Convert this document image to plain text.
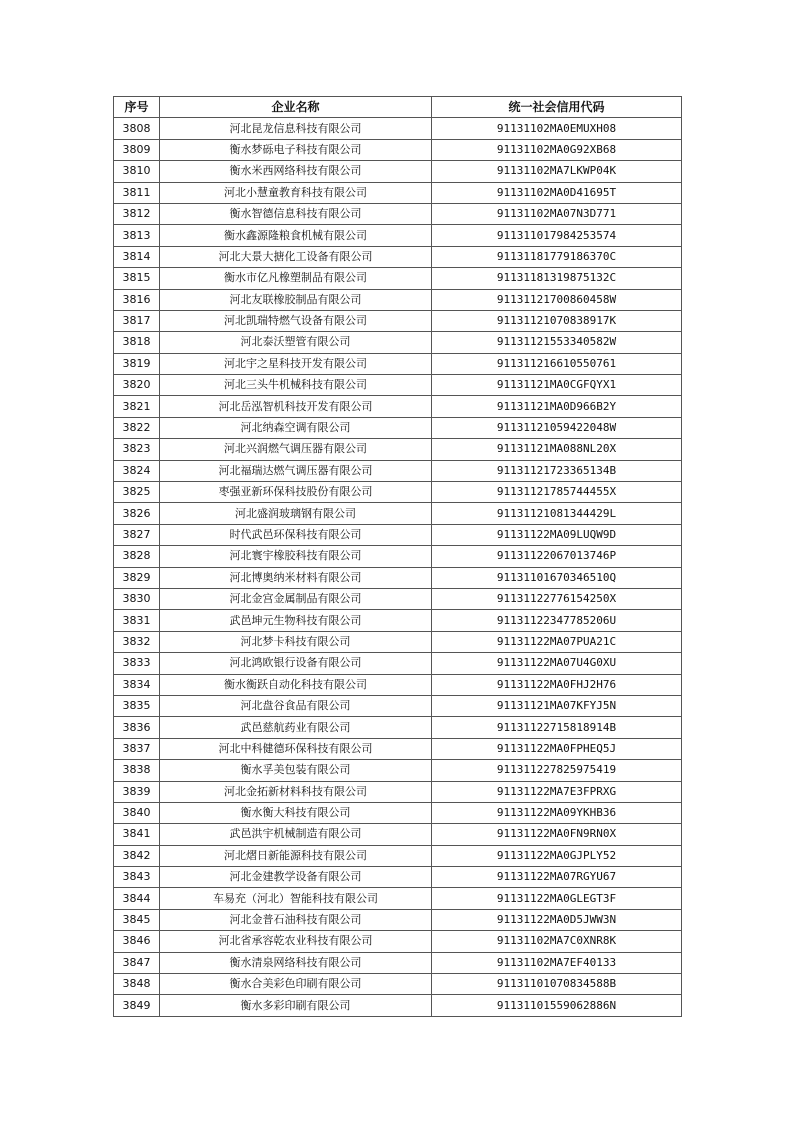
序号	企业名称	统一社会信用代码
3808	河北昆龙信息科技有限公司	91131102MA0EMUXH08
3809	衡水梦砾电子科技有限公司	91131102MA0G92XB68
3810	衡水米西网络科技有限公司	91131102MA7LKWP04K
3811	河北小慧童教育科技有限公司	91131102MA0D41695T
3812	衡水智德信息科技有限公司	91131102MA07N3D771
3813	衡水鑫源隆粮食机械有限公司	911311017984253574
3814	河北大景大搪化工设备有限公司	91131181779186370C
3815	衡水市亿凡橡塑制品有限公司	91131181319875132C
3816	河北友联橡胶制品有限公司	91131121700860458W
3817	河北凯瑞特燃气设备有限公司	91131121070838917K
3818	河北泰沃塑管有限公司	91131121553340582W
3819	河北宇之星科技开发有限公司	911311216610550761
3820	河北三头牛机械科技有限公司	91131121MA0CGFQYX1
3821	河北岳泓智机科技开发有限公司	91131121MA0D966B2Y
3822	河北纳森空调有限公司	91131121059422048W
3823	河北兴润燃气调压器有限公司	91131121MA088NL20X
3824	河北福瑞达燃气调压器有限公司	91131121723365134B
3825	枣强亚新环保科技股份有限公司	91131121785744455X
3826	河北盛润玻璃钢有限公司	91131121081344429L
3827	时代武邑环保科技有限公司	91131122MA09LUQW9D
3828	河北寰宇橡胶科技有限公司	91131122067013746P
3829	河北博奥纳米材料有限公司	91131101670346510Q
3830	河北金宫金属制品有限公司	91131122776154250X
3831	武邑坤元生物科技有限公司	91131122347785206U
3832	河北梦卡科技有限公司	91131122MA07PUA21C
3833	河北鸿欧银行设备有限公司	91131122MA07U4G0XU
3834	衡水衡跃自动化科技有限公司	91131122MA0FHJ2H76
3835	河北盘谷食品有限公司	91131121MA07KFYJ5N
3836	武邑慈航药业有限公司	91131122715818914B
3837	河北中科健德环保科技有限公司	91131122MA0FPHEQ5J
3838	衡水孚美包装有限公司	911311227825975419
3839	河北金拓新材料科技有限公司	91131122MA7E3FPRXG
3840	衡水衡大科技有限公司	91131122MA09YKHB36
3841	武邑洪宇机械制造有限公司	91131122MA0FN9RN0X
3842	河北熠日新能源科技有限公司	91131122MA0GJPLY52
3843	河北金建教学设备有限公司	91131122MA07RGYU67
3844	车易充（河北）智能科技有限公司	91131122MA0GLEGT3F
3845	河北金普石油科技有限公司	91131122MA0D5JWW3N
3846	河北省承容乾农业科技有限公司	91131102MA7C0XNR8K
3847	衡水清泉网络科技有限公司	91131102MA7EF40133
3848	衡水合美彩色印刷有限公司	91131101070834588B
3849	衡水多彩印刷有限公司	91131101559062886N
